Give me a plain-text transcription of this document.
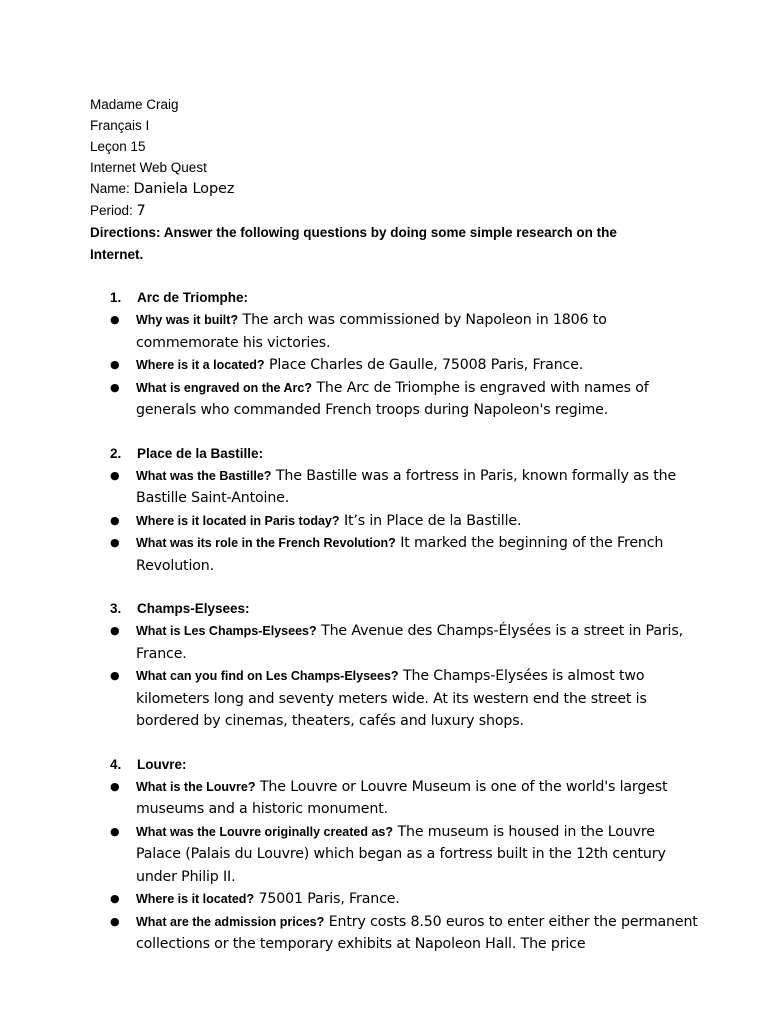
Madame Craig
Français I
Leçon 15
Internet Web Quest
Name: Daniela Lopez
Period: 7
Directions: Answer the following questions by doing some simple research on the Internet.
1. Arc de Triomphe:
● Why was it built? The arch was commissioned by Napoleon in 1806 to commemorate his victories.
● Where is it a located? Place Charles de Gaulle, 75008 Paris, France.
● What is engraved on the Arc? The Arc de Triomphe is engraved with names of generals who commanded French troops during Napoleon's regime.
2. Place de la Bastille:
● What was the Bastille? The Bastille was a fortress in Paris, known formally as the Bastille Saint-Antoine.
● Where is it located in Paris today? It’s in Place de la Bastille.
● What was its role in the French Revolution? It marked the beginning of the French Revolution.
3. Champs-Elysees:
● What is Les Champs-Elysees? The Avenue des Champs-Élysées is a street in Paris, France.
● What can you find on Les Champs-Elysees? The Champs-Elysées is almost two kilometers long and seventy meters wide. At its western end the street is bordered by cinemas, theaters, cafés and luxury shops.
4. Louvre:
● What is the Louvre? The Louvre or Louvre Museum is one of the world's largest museums and a historic monument.
● What was the Louvre originally created as? The museum is housed in the Louvre Palace (Palais du Louvre) which began as a fortress built in the 12th century under Philip II.
● Where is it located? 75001 Paris, France.
● What are the admission prices? Entry costs 8.50 euros to enter either the permanent collections or the temporary exhibits at Napoleon Hall. The price
